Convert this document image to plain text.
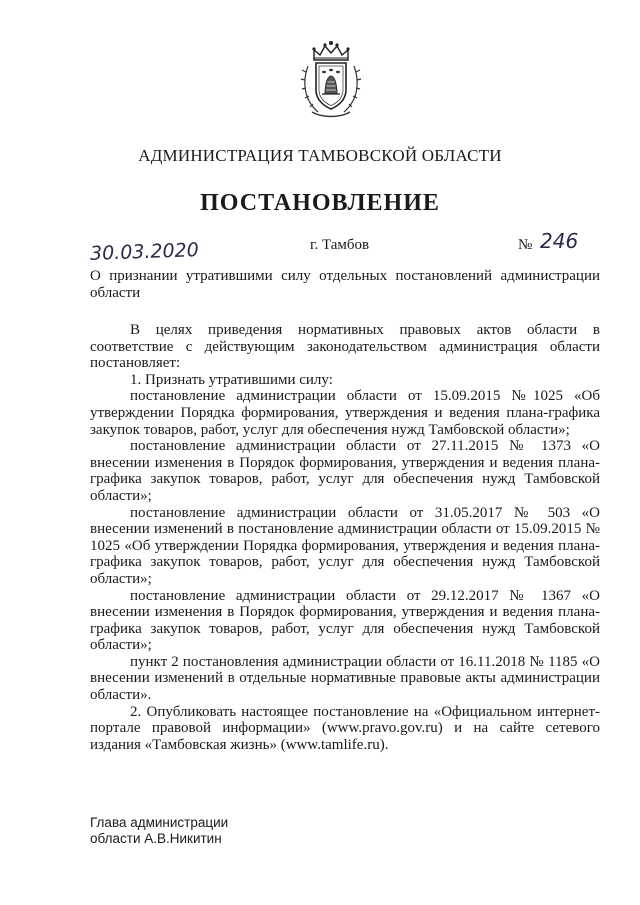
АДМИНИСТРАЦИЯ ТАМБОВСКОЙ ОБЛАСТИ
ПОСТАНОВЛЕНИЕ
30.03.2020	г. Тамбов	№ 246
О признании утратившими силу отдельных постановлений администрации области

В целях приведения нормативных правовых актов области в соответствие с действующим законодательством администрация области постановляет:

1. Признать утратившими силу:

постановление администрации области от 15.09.2015 №1025 «Об утверждении Порядка формирования, утверждения и ведения плана-графика закупок товаров, работ, услуг для обеспечения нужд Тамбовской области»;

постановление администрации области от 27.11.2015 № 1373 «О внесении изменения в Порядок формирования, утверждения и ведения плана-графика закупок товаров, работ, услуг для обеспечения нужд Тамбовской области»;

постановление администрации области от 31.05.2017 № 503 «О внесении изменений в постановление администрации области от 15.09.2015 № 1025 «Об утверждении Порядка формирования, утверждения и ведения плана-графика закупок товаров, работ, услуг для обеспечения нужд Тамбовской области»;

постановление администрации области от 29.12.2017 № 1367 «О внесении изменения в Порядок формирования, утверждения и ведения плана-графика закупок товаров, работ, услуг для обеспечения нужд Тамбовской области»;

пункт 2 постановления администрации области от 16.11.2018 № 1185 «О внесении изменений в отдельные нормативные правовые акты администрации области».

2. Опубликовать настоящее постановление на «Официальном интернет-портале правовой информации» (www.pravo.gov.ru) и на сайте сетевого издания «Тамбовская жизнь» (www.tamlife.ru).

Глава администрации
области А.В.Никитин
